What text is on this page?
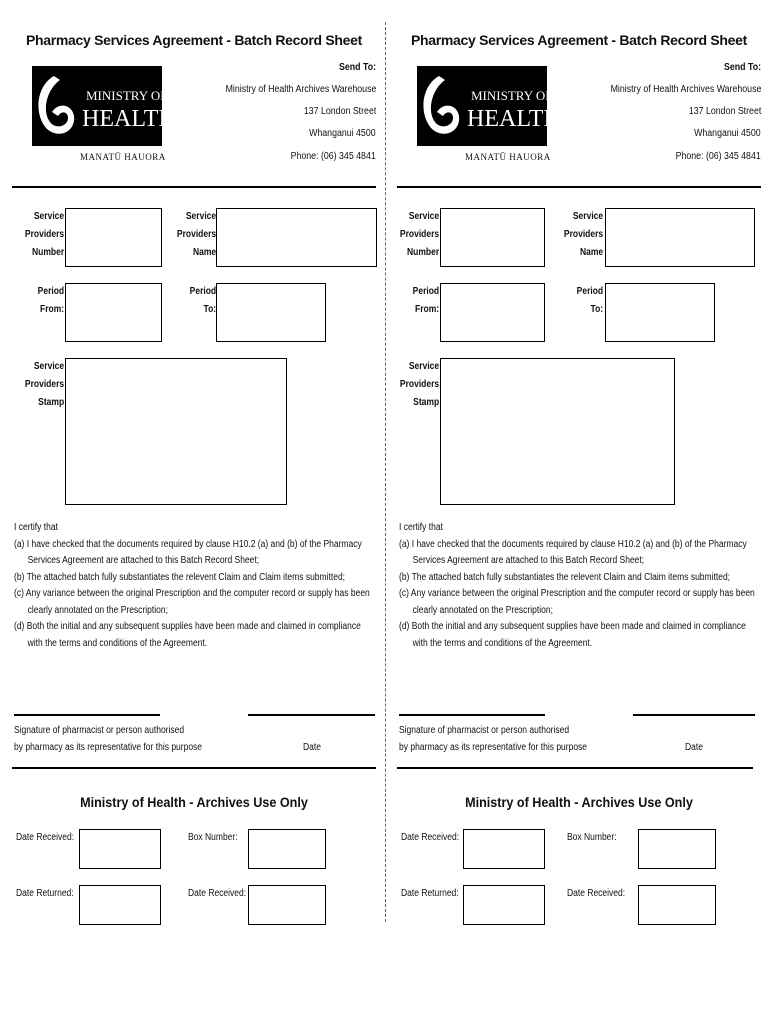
Pharmacy Services Agreement - Batch Record Sheet
MINISTRY OF
HEALTH
MANATŪ HAUORA
Send To:
Ministry of Health Archives Warehouse
137 London Street
Whanganui 4500
Phone: (06) 345 4841
Service
Providers
Number
Service
Providers
Name
Period
From:
Period
To:
Service
Providers
Stamp
I certify that
(a) I have checked that the documents required by clause H10.2 (a) and (b) of the Pharmacy Services Agreement are attached to this Batch Record Sheet;
(b) The attached batch fully substantiates the relevent Claim and Claim items submitted;
(c) Any variance between the original Prescription and the computer record or supply has been clearly annotated on the Prescription;
(d) Both the initial and any subsequent supplies have been made and claimed in compliance with the terms and conditions of the Agreement.
Signature of pharmacist or person authorised
by pharmacy as its representative for this purpose	Date
Ministry of Health - Archives Use Only
Date Received:	Box Number:
Date Returned:	Date Received:
Pharmacy Services Agreement - Batch Record Sheet
MINISTRY OF
HEALTH
MANATŪ HAUORA
Send To:
Ministry of Health Archives Warehouse
137 London Street
Whanganui 4500
Phone: (06) 345 4841
Service
Providers
Number
Service
Providers
Name
Period
From:
Period
To:
Service
Providers
Stamp
I certify that
(a) I have checked that the documents required by clause H10.2 (a) and (b) of the Pharmacy Services Agreement are attached to this Batch Record Sheet;
(b) The attached batch fully substantiates the relevent Claim and Claim items submitted;
(c) Any variance between the original Prescription and the computer record or supply has been clearly annotated on the Prescription;
(d) Both the initial and any subsequent supplies have been made and claimed in compliance with the terms and conditions of the Agreement.
Signature of pharmacist or person authorised
by pharmacy as its representative for this purpose	Date
Ministry of Health - Archives Use Only
Date Received:	Box Number:
Date Returned:	Date Received:
